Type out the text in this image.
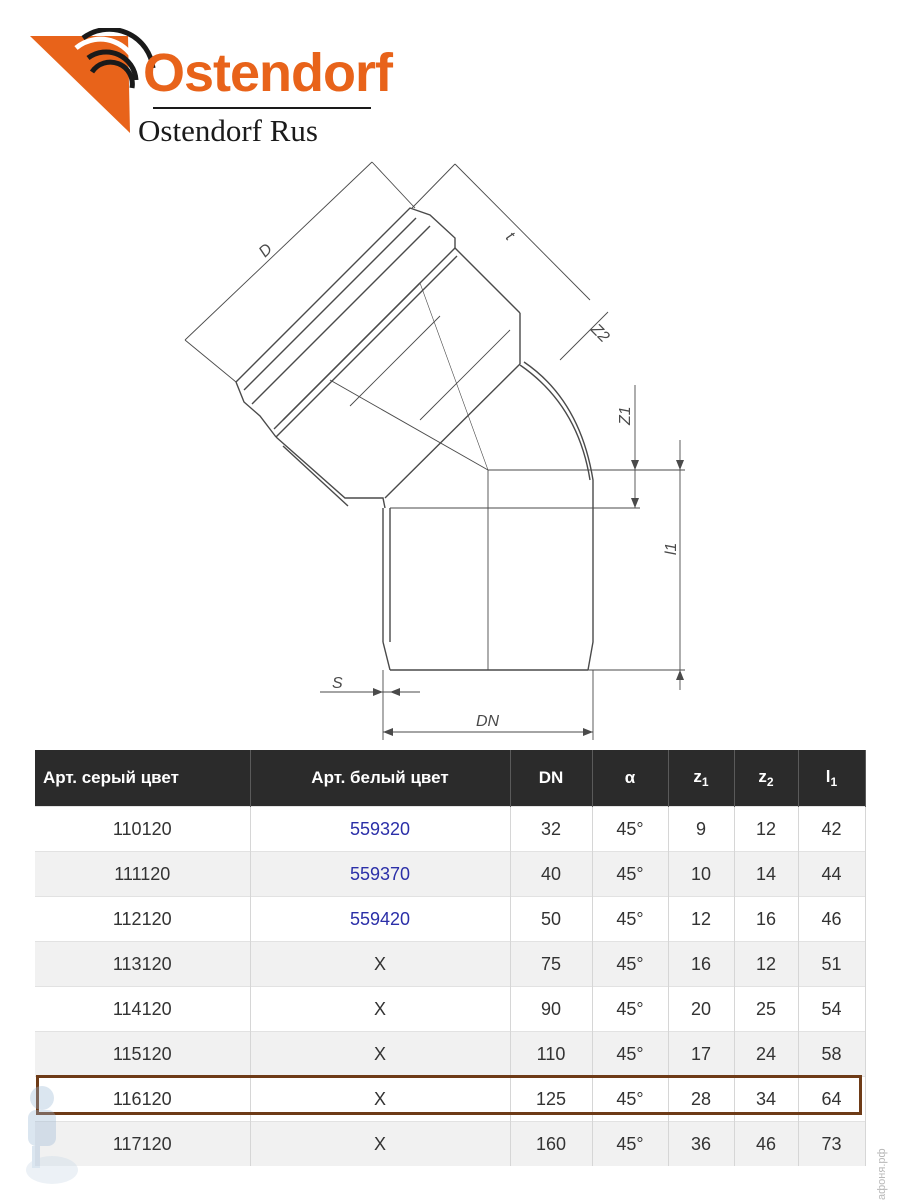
Ostendorf
Ostendorf Rus
D
t
Z2
Z1
l1
S
DN
Арт. серый цвет	Арт. белый цвет	DN	α	$z_1$	$z_2$	$l_1$
110120	559320	32	45°	9	12	42
111120	559370	40	45°	10	14	44
112120	559420	50	45°	12	16	46
113120	X	75	45°	16	12	51
114120	X	90	45°	20	25	54
115120	X	110	45°	17	24	58
116120	X	125	45°	28	34	64
117120	X	160	45°	36	46	73
афоня.рф
